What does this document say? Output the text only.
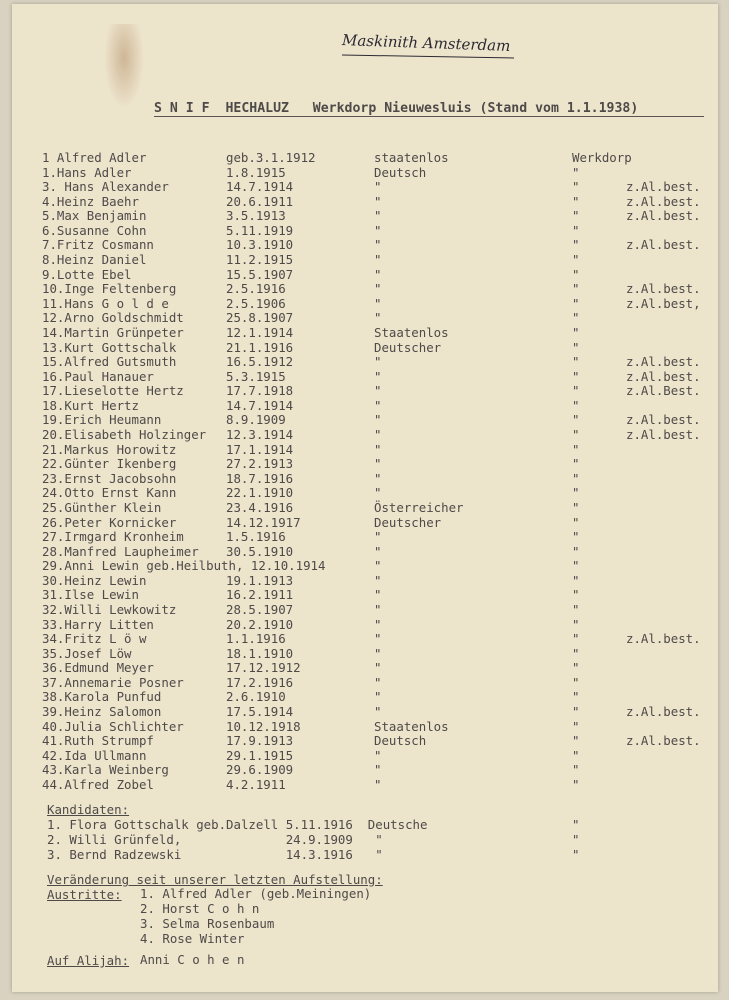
Maskinith Amsterdam
S N I F  HECHALUZ   Werkdorp Nieuwesluis (Stand vom 1.1.1938)
1 Alfred Adler	geb.3.1.1912	staatenlos	Werkdorp
1.Hans Adler	1.8.1915	Deutsch	"
3. Hans Alexander	14.7.1914	"	"	z.Al.best.
4.Heinz Baehr	20.6.1911	"	"	z.Al.best.
5.Max Benjamin	3.5.1913	"	"	z.Al.best.
6.Susanne Cohn	5.11.1919	"	"
7.Fritz Cosmann	10.3.1910	"	"	z.Al.best.
8.Heinz Daniel	11.2.1915	"	"
9.Lotte Ebel	15.5.1907	"	"
10.Inge Feltenberg	2.5.1916	"	"	z.Al.best.
11.Hans G o l d e	2.5.1906	"	"	z.Al.best,
12.Arno Goldschmidt	25.8.1907	"	"
14.Martin Grünpeter	12.1.1914	Staatenlos	"
13.Kurt Gottschalk	21.1.1916	Deutscher	"
15.Alfred Gutsmuth	16.5.1912	"	"	z.Al.best.
16.Paul Hanauer	5.3.1915	"	"	z.Al.best.
17.Lieselotte Hertz	17.7.1918	"	"	z.Al.Best.
18.Kurt Hertz	14.7.1914	"	"
19.Erich Heumann	8.9.1909	"	"	z.Al.best.
20.Elisabeth Holzinger 12.3.1914	"	"	z.Al.best.
21.Markus Horowitz	17.1.1914	"	"
22.Günter Ikenberg	27.2.1913	"	"
23.Ernst Jacobsohn	18.7.1916	"	"
24.Otto Ernst Kann	22.1.1910	"	"
25.Günther Klein	23.4.1916	Österreicher	"
26.Peter Kornicker	14.12.1917	Deutscher	"
27.Irmgard Kronheim	1.5.1916	"	"
28.Manfred Laupheimer 30.5.1910	"	"
29.Anni Lewin geb.Heilbuth, 12.10.1914	"	"
30.Heinz Lewin	19.1.1913	"	"
31.Ilse Lewin	16.2.1911	"	"
32.Willi Lewkowitz	28.5.1907	"	"
33.Harry Litten	20.2.1910	"	"
34.Fritz L ö w	1.1.1916	"	"	z.Al.best.
35.Josef Löw	18.1.1910	"	"
36.Edmund Meyer	17.12.1912	"	"
37.Annemarie Posner	17.2.1916	"	"
38.Karola Punfud	2.6.1910	"	"
39.Heinz Salomon	17.5.1914	"	"	z.Al.best.
40.Julia Schlichter	10.12.1918	Staatenlos	"
41.Ruth Strumpf	17.9.1913	Deutsch	"	z.Al.best.
42.Ida Ullmann	29.1.1915	"	"
43.Karla Weinberg	29.6.1909	"	"
44.Alfred Zobel	4.2.1911	"	"
Kandidaten:
1. Flora Gottschalk geb.Dalzell 5.11.1916  Deutsche	"
2. Willi Grünfeld,              24.9.1909   "	"
3. Bernd Radzewski              14.3.1916   "	"
Veränderung seit unserer letzten Aufstellung:
Austritte: 1. Alfred Adler (geb.Meiningen)
2. Horst C o h n
3. Selma Rosenbaum
4. Rose Winter
Auf Alijah: Anni C o h e n
